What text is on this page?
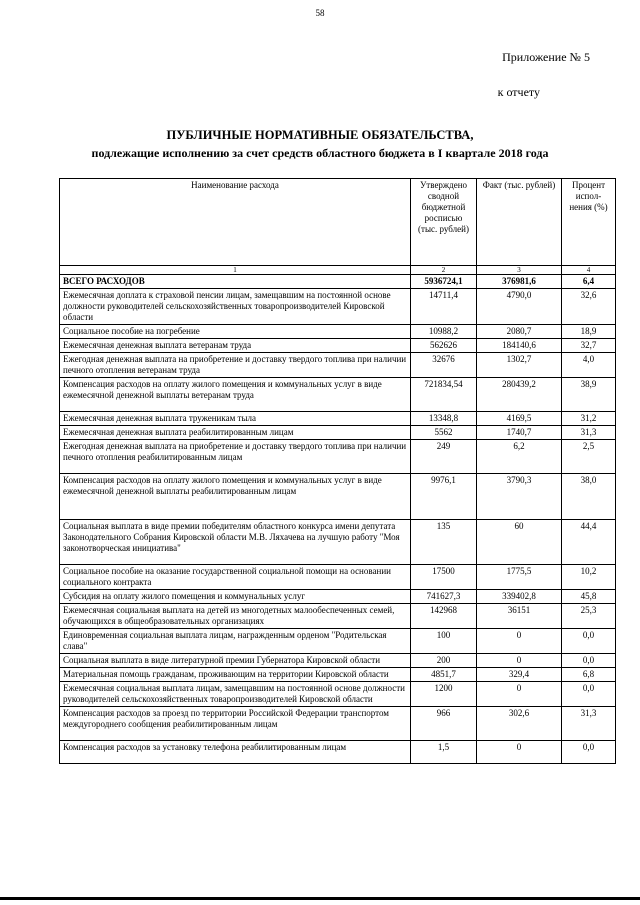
58
Приложение № 5
к отчету
ПУБЛИЧНЫЕ НОРМАТИВНЫЕ ОБЯЗАТЕЛЬСТВА,
подлежащие исполнению за счет средств областного бюджета в I квартале 2018 года
Наименование расхода	Утверждено сводной бюджетной росписью (тыс. рублей)	Факт (тыс. рублей)	Процент испол-нения (%)
1	2	3	4
ВСЕГО РАСХОДОВ	5936724,1	376981,6	6,4
Ежемесячная доплата к страховой пенсии лицам, замещавшим на постоянной основе должности руководителей сельскохозяйственных товаропроизводителей Кировской области	14711,4	4790,0	32,6
Социальное пособие на погребение	10988,2	2080,7	18,9
Ежемесячная денежная выплата ветеранам труда	562626	184140,6	32,7
Ежегодная денежная выплата на приобретение и доставку твердого топлива при наличии печного отопления ветеранам труда	32676	1302,7	4,0
Компенсация расходов на оплату жилого помещения и коммунальных услуг в виде ежемесячной денежной выплаты ветеранам труда	721834,54	280439,2	38,9
Ежемесячная денежная выплата труженикам тыла	13348,8	4169,5	31,2
Ежемесячная денежная выплата реабилитированным лицам	5562	1740,7	31,3
Ежегодная денежная выплата на приобретение и доставку твердого топлива при наличии печного отопления реабилитированным лицам	249	6,2	2,5
Компенсация расходов на оплату жилого помещения и коммунальных услуг в виде ежемесячной денежной выплаты реабилитированным лицам	9976,1	3790,3	38,0
Социальная выплата в виде премии победителям областного конкурса имени депутата Законодательного Собрания Кировской области М.В. Ляхачева на лучшую работу "Моя законотворческая инициатива"	135	60	44,4
Социальное пособие на оказание государственной социальной помощи на основании социального контракта	17500	1775,5	10,2
Субсидия на оплату жилого помещения и коммунальных услуг	741627,3	339402,8	45,8
Ежемесячная социальная выплата на детей из многодетных малообеспеченных семей, обучающихся в общеобразовательных организациях	142968	36151	25,3
Единовременная социальная выплата лицам, награжденным орденом "Родительская слава"	100	0	0,0
Социальная выплата в виде литературной премии Губернатора Кировской области	200	0	0,0
Материальная помощь гражданам, проживающим на территории Кировской области	4851,7	329,4	6,8
Ежемесячная социальная выплата лицам, замещавшим на постоянной основе должности руководителей сельскохозяйственных товаропроизводителей Кировской области	1200	0	0,0
Компенсация расходов за проезд по территории Российской Федерации транспортом междугороднего сообщения реабилитированным лицам	966	302,6	31,3
Компенсация расходов за установку телефона реабилитированным лицам	1,5	0	0,0
